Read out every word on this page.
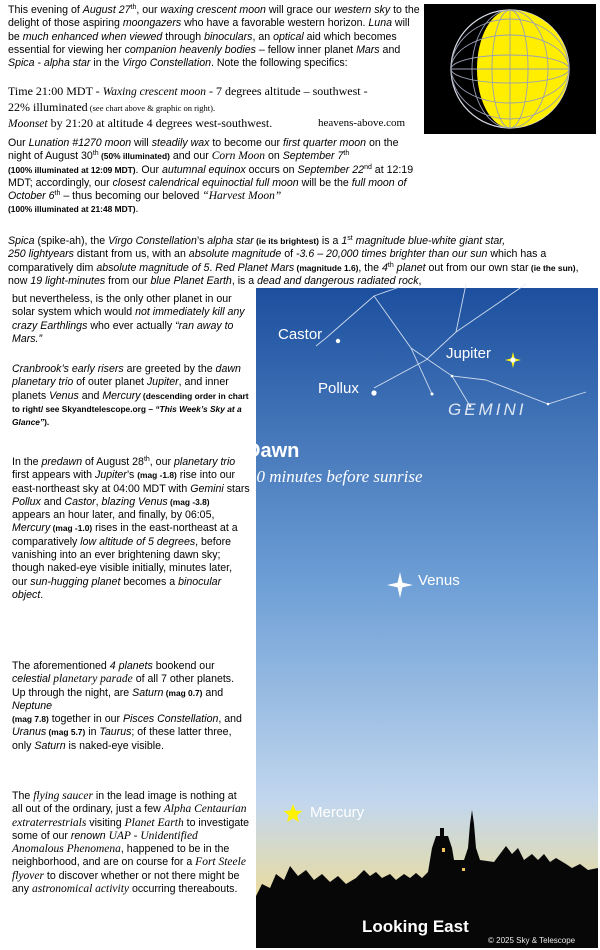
This evening of August 27th, our waxing crescent moon will grace our western sky to the delight of those aspiring moongazers who have a favorable western horizon. Luna will be much enhanced when viewed through binoculars, an optical aid which becomes essential for viewing her companion heavenly bodies – fellow inner planet Mars and Spica - alpha star in the Virgo Constellation. Note the following specifics:

Time 21:00 MDT - Waxing crescent moon - 7 degrees altitude – southwest -
22% illuminated (see chart above & graphic on right).
Moonset by 21:20 at altitude 4 degrees west-southwest.	heavens-above.com

Our Lunation #1270 moon will steadily wax to become our first quarter moon on the night of August 30th (50% illuminated) and our Corn Moon on September 7th
(100% illuminated at 12:09 MDT). Our autumnal equinox occurs on September 22nd at 12:19 MDT; accordingly, our closest calendrical equinoctial full moon will be the full moon of October 6th – thus becoming our beloved “Harvest Moon”
(100% illuminated at 21:48 MDT).

Spica (spike-ah), the Virgo Constellation’s alpha star (ie its brightest) is a 1st magnitude blue-white giant star,
250 lightyears distant from us, with an absolute magnitude of -3.6 – 20,000 times brighter than our sun which has a comparatively dim absolute magnitude of 5. Red Planet Mars (magnitude 1.6), the 4th planet out from our own star (ie the sun), now 19 light-minutes from our blue Planet Earth, is a dead and dangerous radiated rock,

but nevertheless, is the only other planet in our solar system which would not immediately kill any crazy Earthlings who ever actually “ran away to Mars.”

Cranbrook’s early risers are greeted by the dawn planetary trio of outer planet Jupiter, and inner planets Venus and Mercury (descending order in chart to right/ see Skyandtelescope.org – “This Week’s Sky at a Glance”).

In the predawn of August 28th, our planetary trio first appears with Jupiter’s (mag -1.8) rise into our east-northeast sky at 04:00 MDT with Gemini stars Pollux and Castor, blazing Venus (mag -3.8) appears an hour later, and finally, by 06:05, Mercury (mag -1.0) rises in the east-northeast at a comparatively low altitude of 5 degrees, before vanishing into an ever brightening dawn sky; though naked-eye visible initially, minutes later, our sun-hugging planet becomes a binocular object.

The aforementioned 4 planets bookend our celestial planetary parade of all 7 other planets. Up through the night, are Saturn (mag 0.7) and Neptune
(mag 7.8) together in our Pisces Constellation, and Uranus (mag 5.7) in Taurus; of these latter three, only Saturn is naked-eye visible.

The flying saucer in the lead image is nothing at all out of the ordinary, just a few Alpha Centaurian extraterrestrials visiting Planet Earth to investigate some of our renown UAP - Unidentified Anomalous Phenomena, happened to be in the neighborhood, and are on course for a Fort Steele flyover to discover whether or not there might be any astronomical activity occurring thereabouts.

Castor
Pollux
Jupiter
GEMINI
Dawn
30 minutes before sunrise
Venus
Mercury
Looking East
© 2025 Sky & Telescope
